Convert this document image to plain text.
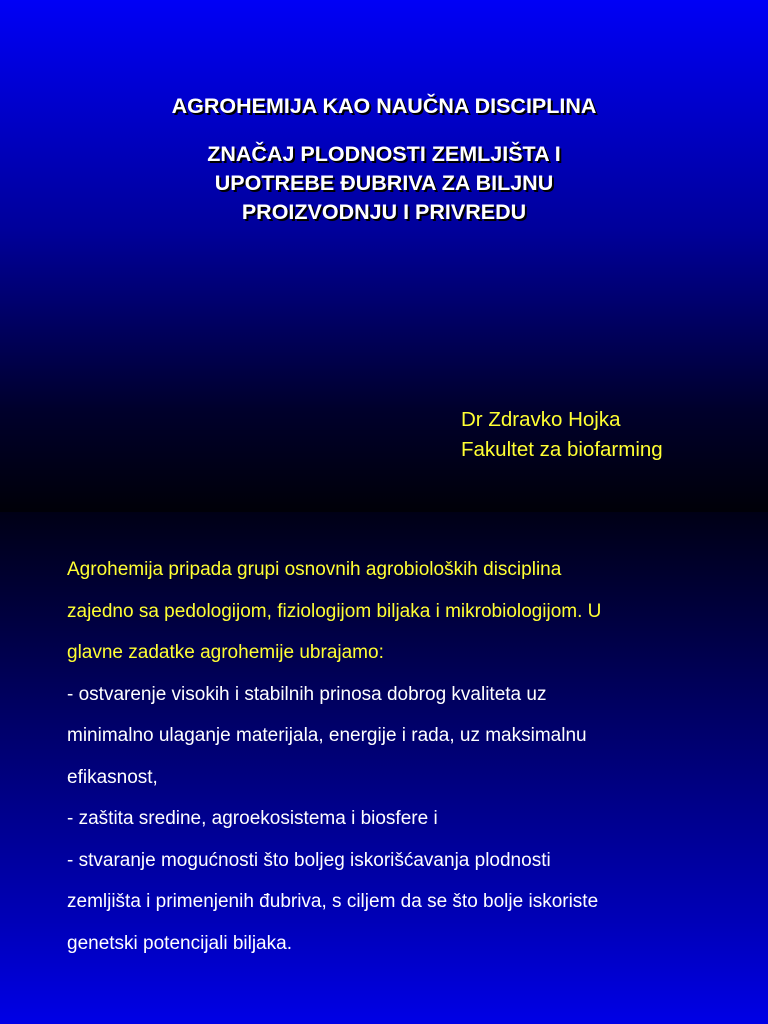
AGROHEMIJA KAO NAUČNA DISCIPLINA
ZNAČAJ PLODNOSTI ZEMLJIŠTA I
UPOTREBE ĐUBRIVA ZA BILJNU
PROIZVODNJU I PRIVREDU
Dr Zdravko Hojka
Fakultet za biofarming
Agrohemija pripada grupi osnovnih agrobioloških disciplina
zajedno sa pedologijom, fiziologijom biljaka i mikrobiologijom. U
glavne zadatke agrohemije ubrajamo:
- ostvarenje visokih i stabilnih prinosa dobrog kvaliteta uz
minimalno ulaganje materijala, energije i rada, uz maksimalnu
efikasnost,
- zaštita sredine, agroekosistema i biosfere i
- stvaranje mogućnosti što boljeg iskorišćavanja plodnosti
zemljišta i primenjenih đubriva, s ciljem da se što bolje iskoriste
genetski potencijali biljaka.
